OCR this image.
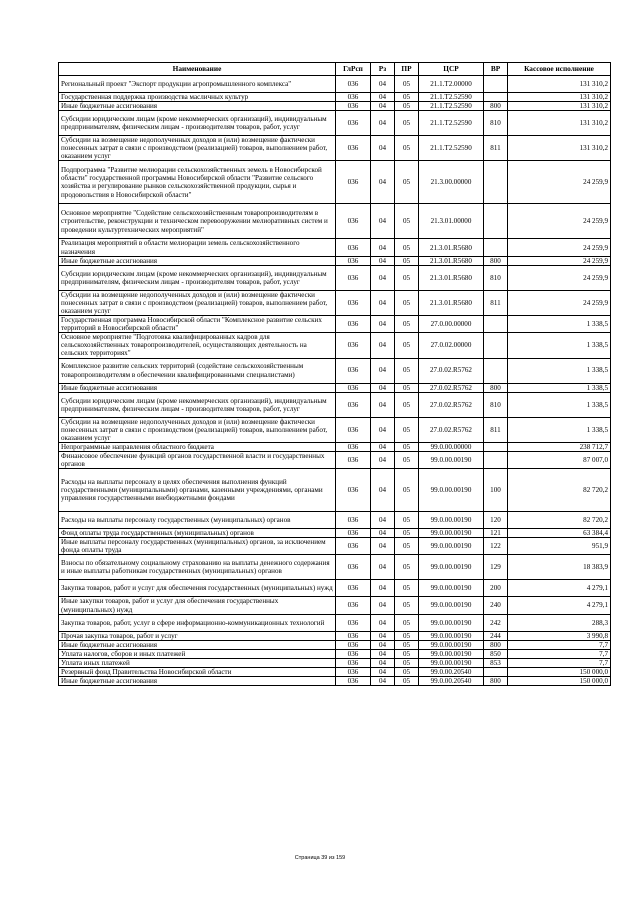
Наименование	ГлРсп	Рз	ПР	ЦСР	ВР	Кассовое исполнение
Региональный проект "Экспорт продукции агропромышленного комплекса"	036	04	05	21.1.T2.00000		131 310,2
Государственная поддержка производства масличных культур	036	04	05	21.1.T2.52590		131 310,2
Иные бюджетные ассигнования	036	04	05	21.1.T2.52590	800	131 310,2
Субсидии юридическим лицам (кроме некоммерческих организаций), индивидуальным предпринимателям, физическим лицам - производителям товаров, работ, услуг	036	04	05	21.1.T2.52590	810	131 310,2
Субсидии на возмещение недополученных доходов и (или) возмещение фактически понесенных затрат в связи с производством (реализацией) товаров, выполнением работ, оказанием услуг	036	04	05	21.1.T2.52590	811	131 310,2
Подпрограмма "Развитие мелиорации сельскохозяйственных земель в Новосибирской области" государственной программы Новосибирской области "Развитие сельского хозяйства и регулирование рынков сельскохозяйственной продукции, сырья и продовольствия в Новосибирской области"	036	04	05	21.3.00.00000		24 259,9
Основное мероприятие "Содействие сельскохозяйственным товаропроизводителям в строительстве, реконструкции и техническом перевооружении мелиоративных систем и проведении культуртехнических мероприятий"	036	04	05	21.3.01.00000		24 259,9
Реализация мероприятий в области мелиорации земель сельскохозяйственного назначения	036	04	05	21.3.01.R5680		24 259,9
Иные бюджетные ассигнования	036	04	05	21.3.01.R5680	800	24 259,9
Субсидии юридическим лицам (кроме некоммерческих организаций), индивидуальным предпринимателям, физическим лицам - производителям товаров, работ, услуг	036	04	05	21.3.01.R5680	810	24 259,9
Субсидии на возмещение недополученных доходов и (или) возмещение фактически понесенных затрат в связи с производством (реализацией) товаров, выполнением работ, оказанием услуг	036	04	05	21.3.01.R5680	811	24 259,9
Государственная программа Новосибирской области "Комплексное развитие сельских территорий в Новосибирской области"	036	04	05	27.0.00.00000		1 338,5
Основное мероприятие "Подготовка квалифицированных кадров для сельскохозяйственных товаропроизводителей, осуществляющих деятельность на сельских территориях"	036	04	05	27.0.02.00000		1 338,5
Комплексное развитие сельских территорий (содействие сельскохозяйственным товаропроизводителям в обеспечении квалифицированными специалистами)	036	04	05	27.0.02.R5762		1 338,5
Иные бюджетные ассигнования	036	04	05	27.0.02.R5762	800	1 338,5
Субсидии юридическим лицам (кроме некоммерческих организаций), индивидуальным предпринимателям, физическим лицам - производителям товаров, работ, услуг	036	04	05	27.0.02.R5762	810	1 338,5
Субсидии на возмещение недополученных доходов и (или) возмещение фактически понесенных затрат в связи с производством (реализацией) товаров, выполнением работ, оказанием услуг	036	04	05	27.0.02.R5762	811	1 338,5
Непрограммные направления областного бюджета	036	04	05	99.0.00.00000		238 712,7
Финансовое обеспечение функций органов государственной власти и государственных органов	036	04	05	99.0.00.00190		87 007,0
Расходы на выплаты персоналу в целях обеспечения выполнения функций государственными (муниципальными) органами, казенными учреждениями, органами управления государственными внебюджетными фондами	036	04	05	99.0.00.00190	100	82 720,2
Расходы на выплаты персоналу государственных (муниципальных) органов	036	04	05	99.0.00.00190	120	82 720,2
Фонд оплаты труда государственных (муниципальных) органов	036	04	05	99.0.00.00190	121	63 384,4
Иные выплаты персоналу государственных (муниципальных) органов, за исключением фонда оплаты труда	036	04	05	99.0.00.00190	122	951,9
Взносы по обязательному социальному страхованию на выплаты денежного содержания и иные выплаты работникам государственных (муниципальных) органов	036	04	05	99.0.00.00190	129	18 383,9
Закупка товаров, работ и услуг для обеспечения государственных (муниципальных) нужд	036	04	05	99.0.00.00190	200	4 279,1
Иные закупки товаров, работ и услуг для обеспечения государственных (муниципальных) нужд	036	04	05	99.0.00.00190	240	4 279,1
Закупка товаров, работ, услуг в сфере информационно-коммуникационных технологий	036	04	05	99.0.00.00190	242	288,3
Прочая закупка товаров, работ и услуг	036	04	05	99.0.00.00190	244	3 990,8
Иные бюджетные ассигнования	036	04	05	99.0.00.00190	800	7,7
Уплата налогов, сборов и иных платежей	036	04	05	99.0.00.00190	850	7,7
Уплата иных платежей	036	04	05	99.0.00.00190	853	7,7
Резервный фонд Правительства Новосибирской области	036	04	05	99.0.00.20540		150 000,0
Иные бюджетные ассигнования	036	04	05	99.0.00.20540	800	150 000,0
Страница 39 из 159
